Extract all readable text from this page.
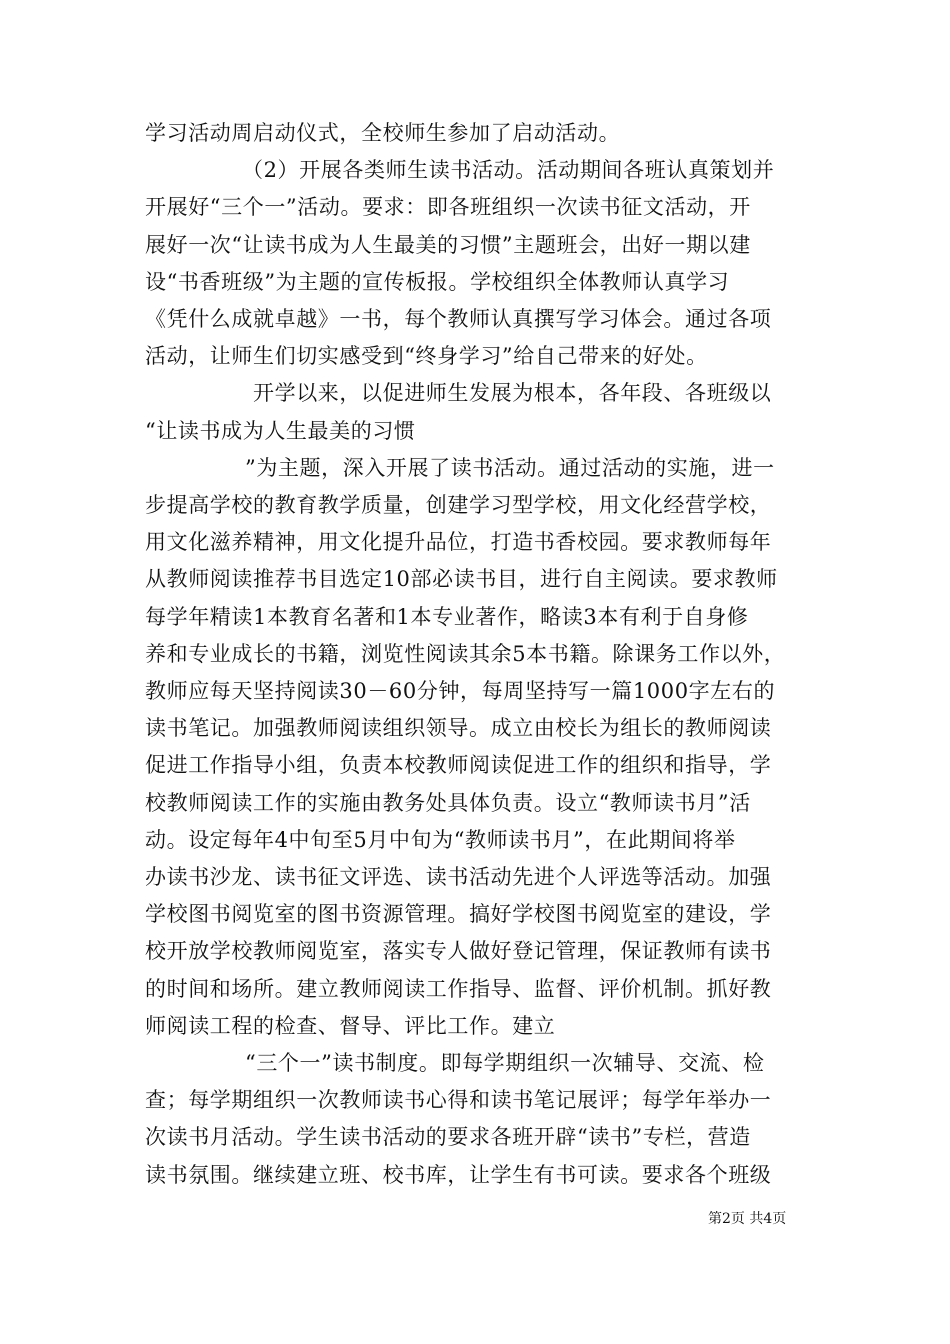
学习活动周启动仪式，全校师生参加了启动活动。
（2）开展各类师生读书活动。活动期间各班认真策划并
开展好“三个一”活动。要求：即各班组织一次读书征文活动，开
展好一次“让读书成为人生最美的习惯”主题班会，出好一期以建
设“书香班级”为主题的宣传板报。学校组织全体教师认真学习
《凭什么成就卓越》一书，每个教师认真撰写学习体会。通过各项
活动，让师生们切实感受到“终身学习”给自己带来的好处。
开学以来，以促进师生发展为根本，各年段、各班级以
“让读书成为人生最美的习惯
”为主题，深入开展了读书活动。通过活动的实施，进一
步提高学校的教育教学质量，创建学习型学校，用文化经营学校，
用文化滋养精神，用文化提升品位，打造书香校园。要求教师每年
从教师阅读推荐书目选定10部必读书目，进行自主阅读。要求教师
每学年精读1本教育名著和1本专业著作，略读3本有利于自身修
养和专业成长的书籍，浏览性阅读其余5本书籍。除课务工作以外，
教师应每天坚持阅读30－60分钟，每周坚持写一篇1000字左右的
读书笔记。加强教师阅读组织领导。成立由校长为组长的教师阅读
促进工作指导小组，负责本校教师阅读促进工作的组织和指导，学
校教师阅读工作的实施由教务处具体负责。设立“教师读书月”活
动。设定每年4中旬至5月中旬为“教师读书月”，在此期间将举
办读书沙龙、读书征文评选、读书活动先进个人评选等活动。加强
学校图书阅览室的图书资源管理。搞好学校图书阅览室的建设，学
校开放学校教师阅览室，落实专人做好登记管理，保证教师有读书
的时间和场所。建立教师阅读工作指导、监督、评价机制。抓好教
师阅读工程的检查、督导、评比工作。建立
“三个一”读书制度。即每学期组织一次辅导、交流、检
查；每学期组织一次教师读书心得和读书笔记展评；每学年举办一
次读书月活动。学生读书活动的要求各班开辟“读书”专栏，营造
读书氛围。继续建立班、校书库，让学生有书可读。要求各个班级
第2页 共4页
